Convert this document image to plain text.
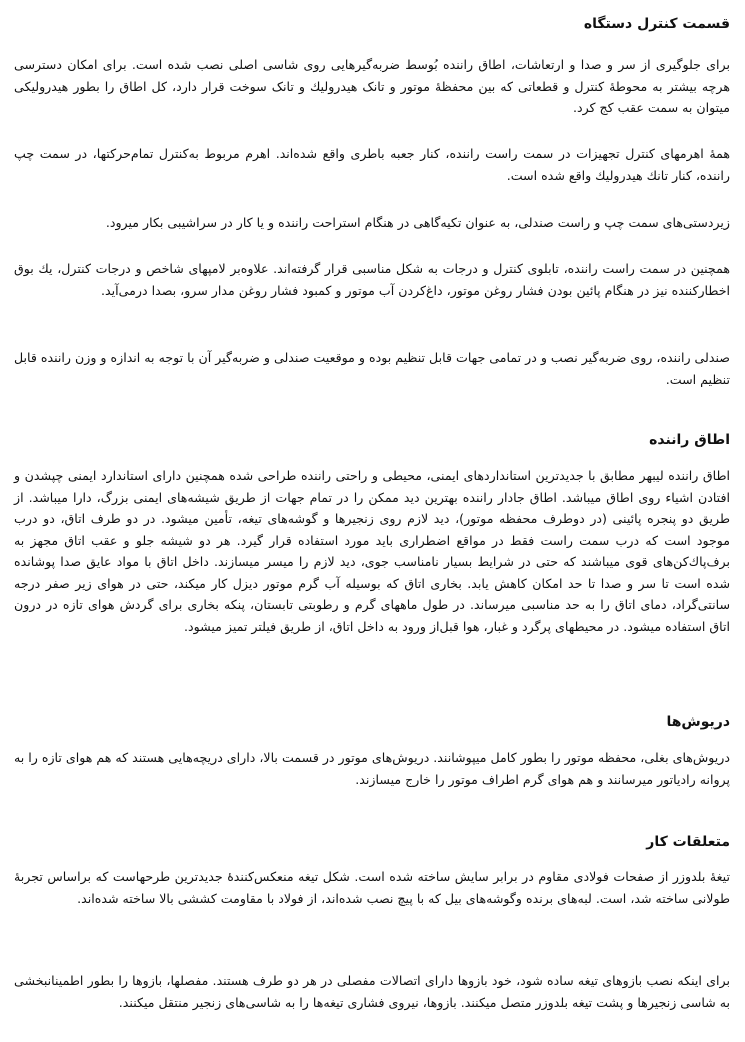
قسمت کنترل دستگاه

برای جلوگیری از سر و صدا و ارتعاشات، اطاق راننده بُوسط ضربه‌گیرهایی روی شاسی اصلی نصب شده است. برای امکان دسترسی هرچه بیشتر به محوطهٔ کنترل و قطعاتی که بین محفظهٔ موتور و تانک هیدرولیك و تانک سوخت قرار دارد، کل اطاق را بطور هیدرولیکی میتوان به سمت عقب کج کرد.

همهٔ اهرمهای کنترل تجهیزات در سمت راست راننده، کنار جعبه باطری واقع شده‌اند. اهرم مربوط به‌کنترل تمام‌حرکتها، در سمت چپ راننده، کنار تانك هیدرولیك واقع شده است.

زیردستی‌های سمت چپ و راست صندلی، به عنوان تکیه‌گاهی در هنگام استراحت راننده و یا کار در سراشیبی بکار میرود.

همچنین در سمت راست راننده، تابلوی کنترل و درجات به شکل مناسبی قرار گرفته‌اند. علاوه‌بر لامپهای شاخص و درجات کنترل، یك بوق اخطارکننده نیز در هنگام پائین بودن فشار روغن موتور، داغ‌کردن آب موتور و کمبود فشار روغن مدار سرو، بصدا درمی‌آید.

صندلی راننده، روی ضربه‌گیر نصب و در تمامی جهات قابل تنظیم بوده و موقعیت صندلی و ضربه‌گیر آن با توجه به اندازه و وزن راننده قابل تنظیم است.

اطاق راننده

اطاق راننده لیبهر مطابق با جدیدترین استانداردهای ایمنی، محیطی و راحتی راننده طراحی شده همچنین دارای استاندارد ایمنی چپشدن و افتادن اشیاء روی اطاق میباشد. اطاق جادار راننده بهترین دید ممکن را در تمام جهات از طریق شیشه‌های ایمنی بزرگ، دارا میباشد. از طریق دو پنجره پائینی (در دوطرف محفظه موتور)، دید لازم روی زنجیرها و گوشه‌های تیغه، تأمین میشود. در دو طرف اتاق، دو درب موجود است که درب سمت راست فقط در مواقع اضطراری باید مورد استفاده قرار گیرد. هر دو شیشه جلو و عقب اتاق مجهز به برف‌پاك‌کن‌های قوی میباشند که حتی در شرایط بسیار نامناسب جوی، دید لازم را میسر میسازند. داخل اتاق با مواد عایق صدا پوشانده شده است تا سر و صدا تا حد امکان کاهش یابد. بخاری اتاق که بوسیله آب گرم موتور دیزل کار میکند، حتی در هوای زیر صفر درجه سانتی‌گراد، دمای اتاق را به حد مناسبی میرساند. در طول ماههای گرم و رطوبتی تابستان، پنکه بخاری برای گردش هوای تازه در درون اتاق استفاده میشود. در محیطهای پرگرد و غبار، هوا قبل‌از ورود به داخل اتاق، از طریق فیلتر تمیز میشود.

دریوش‌ها

دریوش‌های بغلی، محفظه موتور را بطور کامل میپوشانند. دریوش‌های موتور در قسمت بالا، دارای دریچه‌هایی هستند که هم هوای تازه را به پروانه رادیاتور میرسانند و هم هوای گرم اطراف موتور را خارج میسازند.

متعلقات کار

تیغهٔ بلدوزر از صفحات فولادی مقاوم در برابر سایش ساخته شده است. شکل تیغه منعکس‌کنندهٔ جدیدترین طرحهاست که براساس تجربهٔ طولانی ساخته شد، است. لبه‌های برنده وگوشه‌های بیل که با پیچ نصب شده‌اند، از فولاد با مقاومت کششی بالا ساخته شده‌اند.

برای اینکه نصب بازوهای تیغه ساده شود، خود بازوها دارای اتصالات مفصلی در هر دو طرف هستند. مفصلها، بازوها را بطور اطمینانبخشی به شاسی زنجیرها و پشت تیغه بلدوزر متصل میکنند. بازوها، نیروی فشاری تیغه‌ها را به شاسی‌های زنجیر منتقل میکنند.
